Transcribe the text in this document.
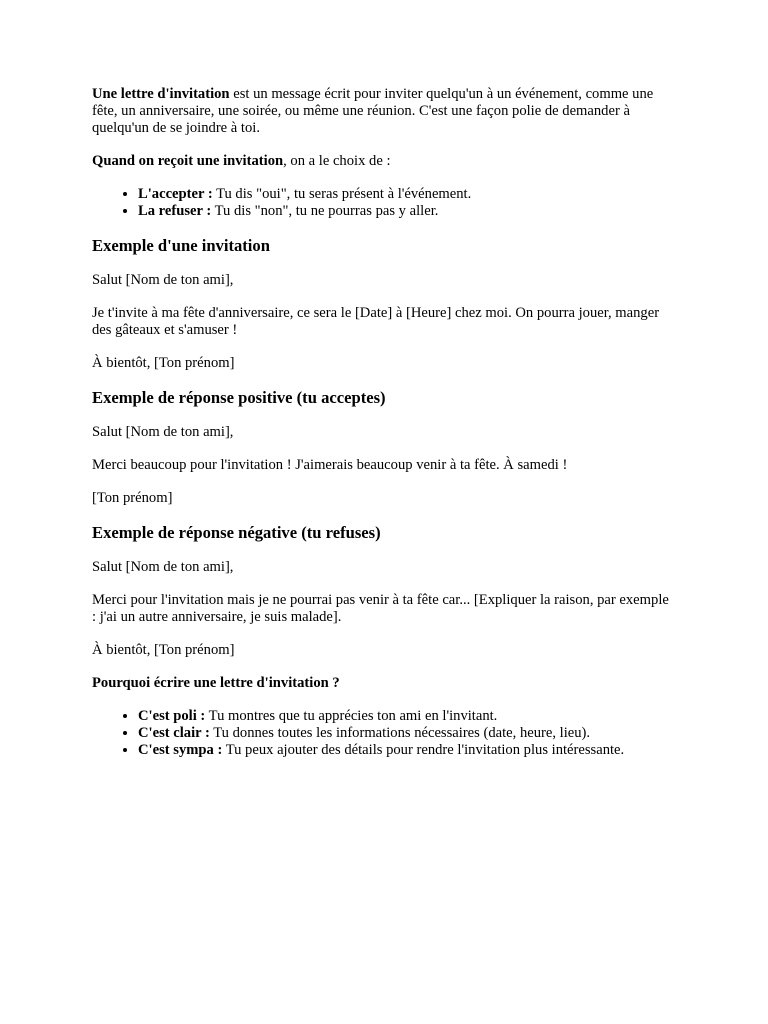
Une lettre d'invitation est un message écrit pour inviter quelqu'un à un événement, comme une fête, un anniversaire, une soirée, ou même une réunion. C'est une façon polie de demander à quelqu'un de se joindre à toi.

Quand on reçoit une invitation, on a le choix de :

• L'accepter : Tu dis "oui", tu seras présent à l'événement.
• La refuser : Tu dis "non", tu ne pourras pas y aller.
Exemple d'une invitation

Salut [Nom de ton ami],

Je t'invite à ma fête d'anniversaire, ce sera le [Date] à [Heure] chez moi. On pourra jouer, manger des gâteaux et s'amuser !

À bientôt, [Ton prénom]

Exemple de réponse positive (tu acceptes)

Salut [Nom de ton ami],

Merci beaucoup pour l'invitation ! J'aimerais beaucoup venir à ta fête. À samedi !

[Ton prénom]

Exemple de réponse négative (tu refuses)

Salut [Nom de ton ami],

Merci pour l'invitation mais je ne pourrai pas venir à ta fête car... [Expliquer la raison, par exemple : j'ai un autre anniversaire, je suis malade].

À bientôt, [Ton prénom]

Pourquoi écrire une lettre d'invitation ?
• C'est poli : Tu montres que tu apprécies ton ami en l'invitant.
• C'est clair : Tu donnes toutes les informations nécessaires (date, heure, lieu).
• C'est sympa : Tu peux ajouter des détails pour rendre l'invitation plus intéressante.
